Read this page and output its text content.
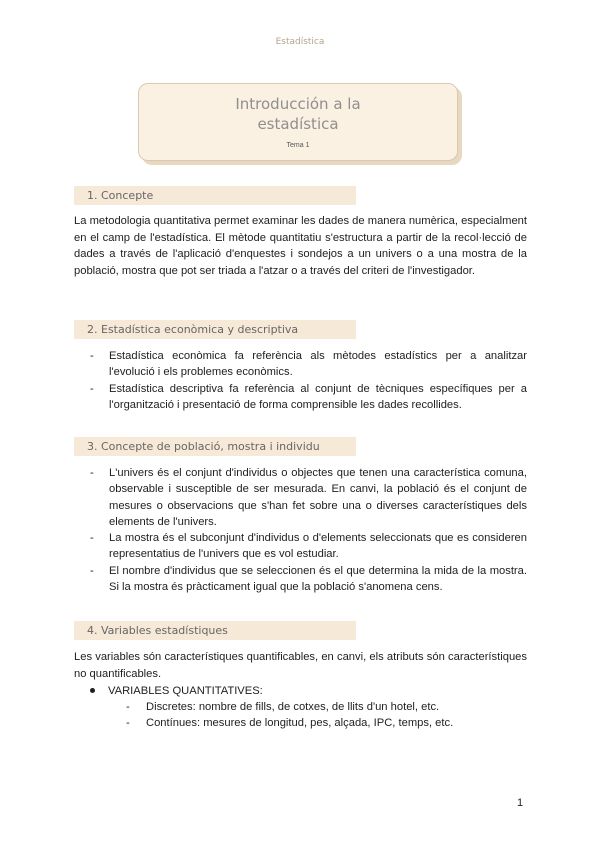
Estadística
Introducción a la
estadística
Tema 1
1. Concepte

La metodologia quantitativa permet examinar les dades de manera numèrica, especialment en el camp de l'estadística. El mètode quantitatiu s'estructura a partir de la recol·lecció de dades a través de l'aplicació d'enquestes i sondejos a un univers o a una mostra de la població, mostra que pot ser triada a l'atzar o a través del criteri de l'investigador.

2. Estadística econòmica y descriptiva
- Estadística econòmica fa referència als mètodes estadístics per a analitzar l'evolució i els problemes econòmics.
- Estadística descriptiva fa referència al conjunt de tècniques específiques per a l'organització i presentació de forma comprensible les dades recollides.
3. Concepte de població, mostra i individu
- L'univers és el conjunt d'individus o objectes que tenen una característica comuna, observable i susceptible de ser mesurada. En canvi, la població és el conjunt de mesures o observacions que s'han fet sobre una o diverses característiques dels elements de l'univers.
- La mostra és el subconjunt d'individus o d'elements seleccionats que es consideren representatius de l'univers que es vol estudiar.
- El nombre d'individus que se seleccionen és el que determina la mida de la mostra. Si la mostra és pràcticament igual que la població s'anomena cens.
4. Variables estadístiques

Les variables són característiques quantificables, en canvi, els atributs són característiques no quantificables.

VARIABLES QUANTITATIVES:
- Discretes: nombre de fills, de cotxes, de llits d'un hotel, etc.
- Contínues: mesures de longitud, pes, alçada, IPC, temps, etc.
1
